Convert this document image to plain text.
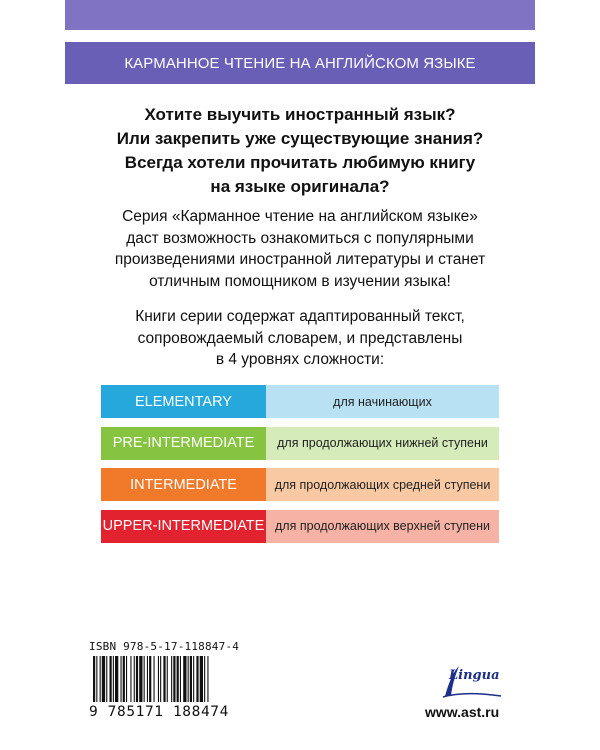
КАРМАННОЕ ЧТЕНИЕ НА АНГЛИЙСКОМ ЯЗЫКЕ
Хотите выучить иностранный язык?
Или закрепить уже существующие знания?
Всегда хотели прочитать любимую книгу
на языке оригинала?
Серия «Карманное чтение на английском языке»
даст возможность ознакомиться с популярными
произведениями иностранной литературы и станет
отличным помощником в изучении языка!
Книги серии содержат адаптированный текст,
сопровождаемый словарем, и представлены
в 4 уровнях сложности:
ELEMENTARY	для начинающих
PRE-INTERMEDIATE	для продолжающих нижней ступени
INTERMEDIATE	для продолжающих средней ступени
UPPER-INTERMEDIATE для продолжающих верхней ступени
ISBN 978-5-17-118847-4
9 785171 188474
Lingua
www.ast.ru
